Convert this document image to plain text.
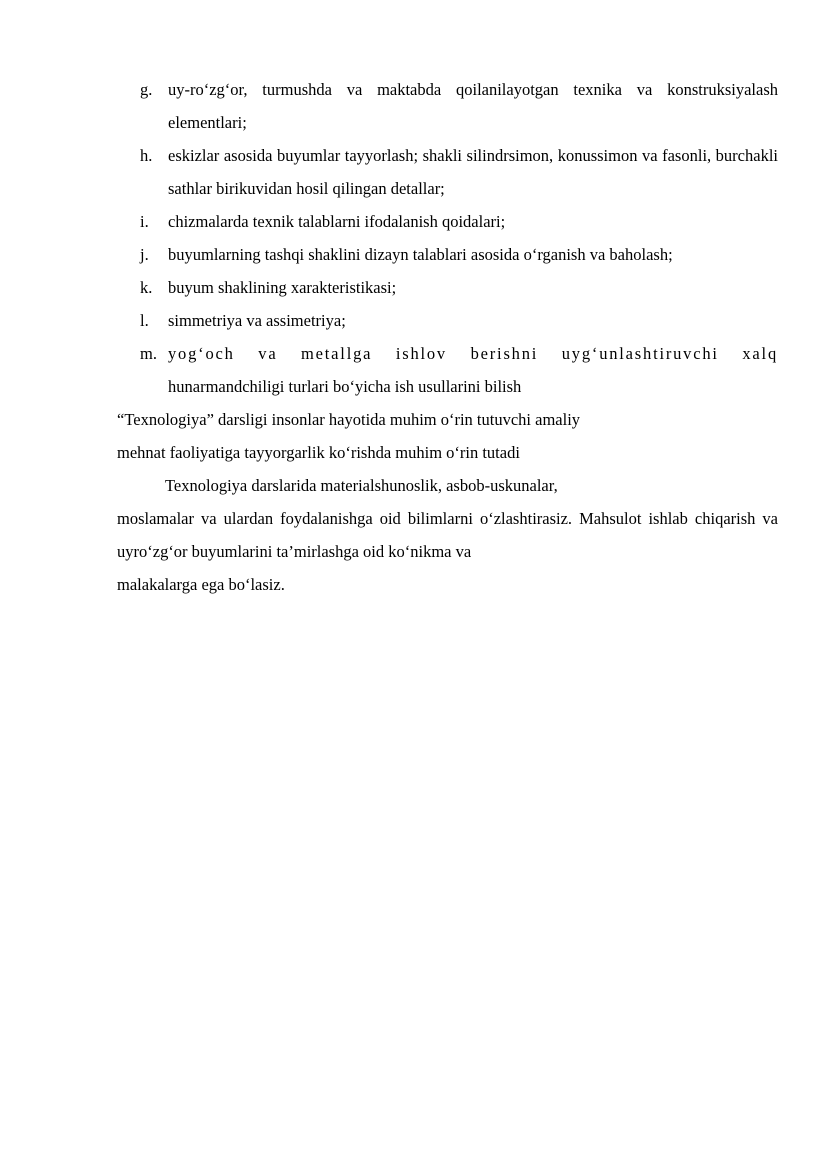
g. uy-ro‘zg‘or, turmushda va maktabda qoilanilayotgan texnika va konstruksiyalash elementlari;
h. eskizlar asosida buyumlar tayyorlash; shakli silindrsimon, konussimon va fasonli, burchakli sathlar birikuvidan hosil qilingan detallar;
i.	chizmalarda texnik talablarni ifodalanish qoidalari;
j.	buyumlarning tashqi shaklini dizayn talablari asosida o‘rganish va baholash;
k. buyum shaklining xarakteristikasi;
l.	simmetriya va assimetriya;
m. yog‘och va metallga ishlov berishni uyg‘unlashtiruvchi xalq
hunarmandchiligi turlari bo‘yicha ish usullarini bilish
“Texnologiya” darsligi insonlar hayotida muhim o‘rin tutuvchi amaliy
mehnat faoliyatiga tayyorgarlik ko‘rishda muhim o‘rin tutadi

Texnologiya darslarida materialshunoslik, asbob-uskunalar,

moslamalar va ulardan foydalanishga oid bilimlarni o‘zlashtirasiz. Mahsulot ishlab chiqarish va uyro‘zg‘or buyumlarini ta’mirlashga oid ko‘nikma va

malakalarga ega bo‘lasiz.
